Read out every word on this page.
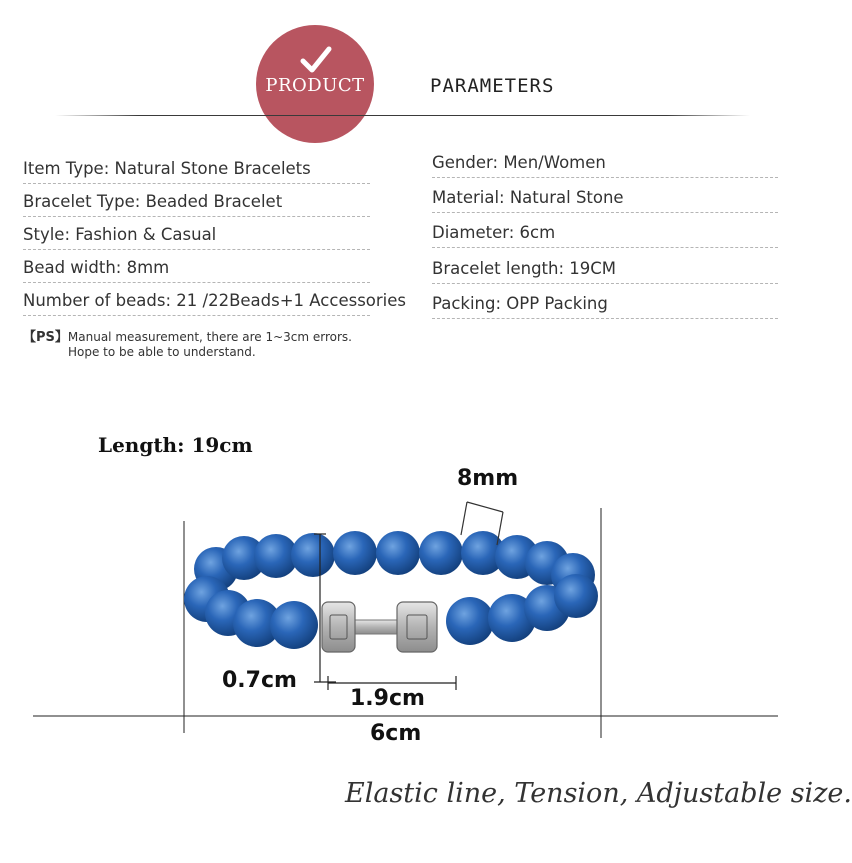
PRODUCT	PARAMETERS
Item Type: Natural Stone Bracelets
Bracelet Type: Beaded Bracelet
Style: Fashion & Casual
Bead width: 8mm
Number of beads: 21 /22Beads+1 Accessories
Gender: Men/Women
Material: Natural Stone
Diameter: 6cm
Bracelet length: 19CM
Packing: OPP Packing
【PS】Manual measurement, there are 1~3cm errors.
Hope to be able to understand.
Length: 19cm
8mm
0.7cm
1.9cm
6cm
Elastic line, Tension, Adjustable size.
